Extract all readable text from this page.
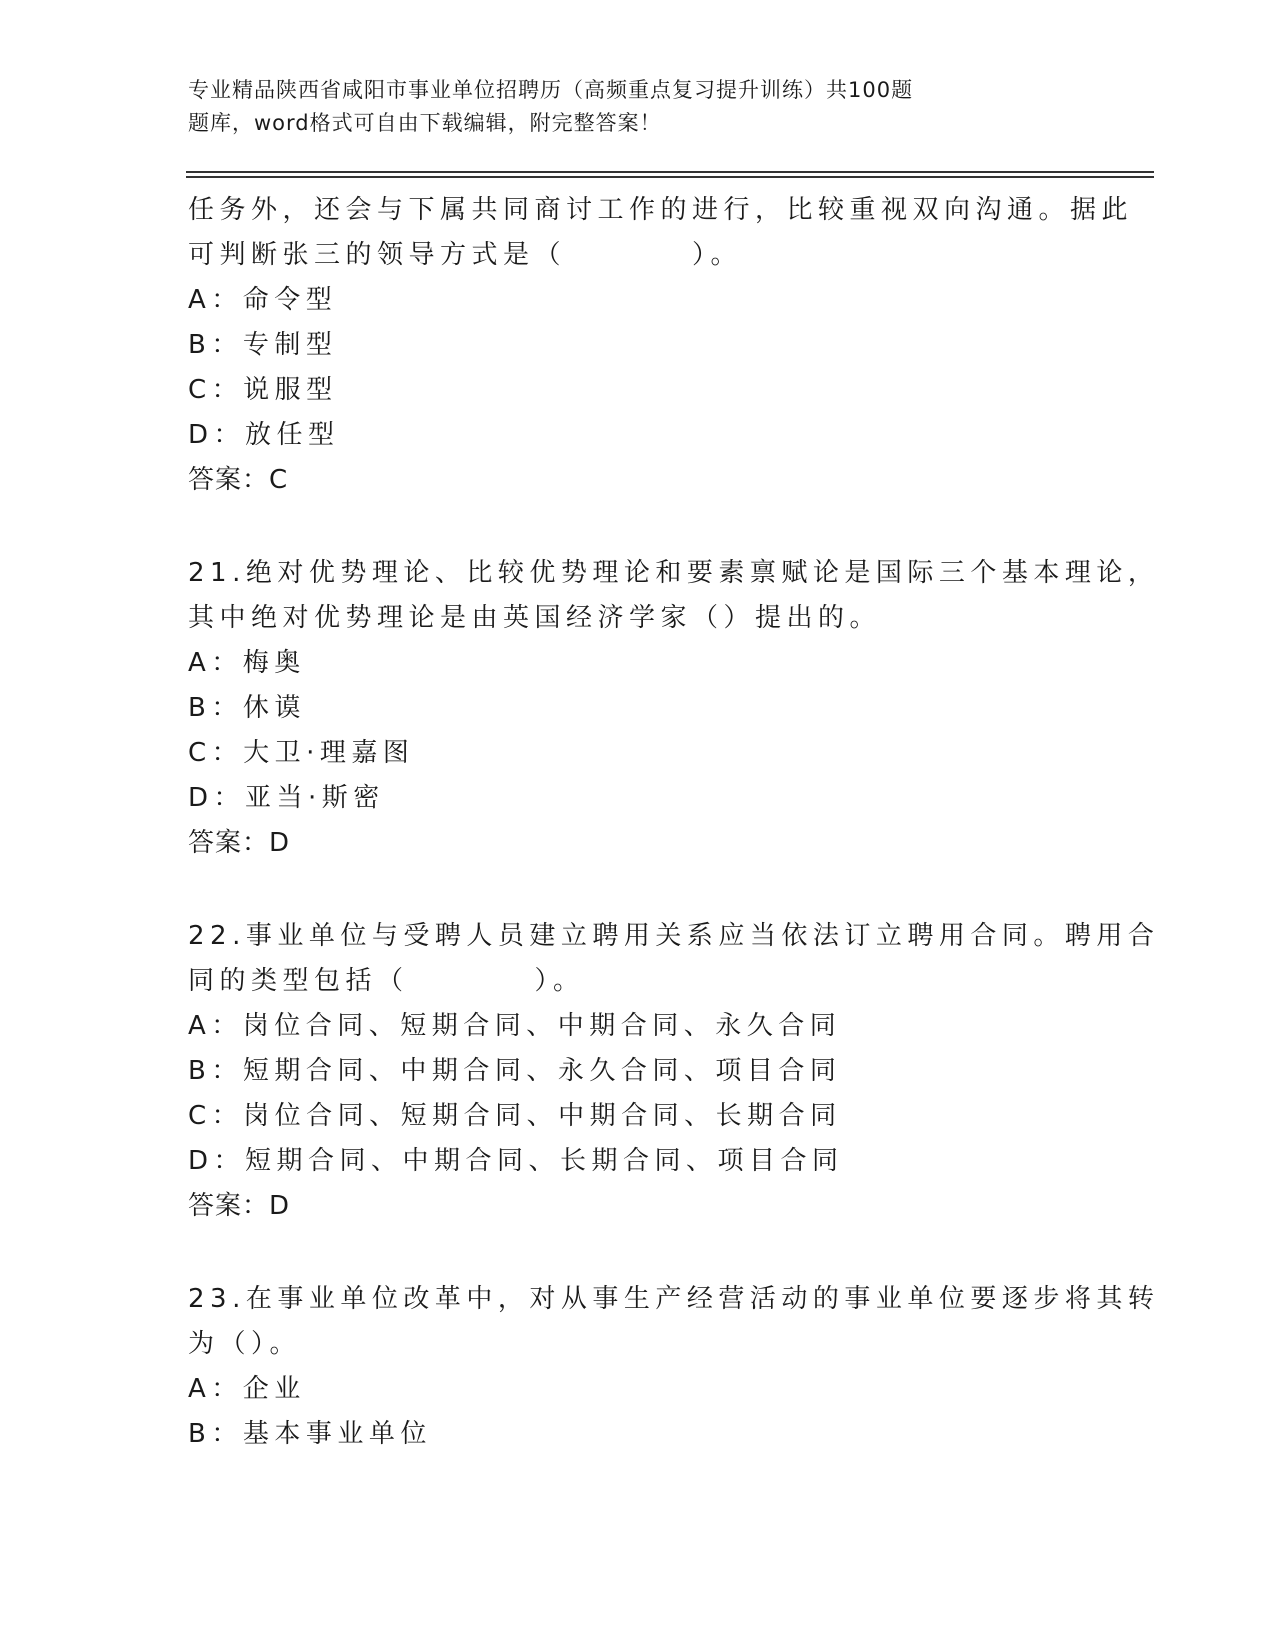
专业精品陕西省咸阳市事业单位招聘历（高频重点复习提升训练）共100题
题库，word格式可自由下载编辑，附完整答案！
任务外，还会与下属共同商讨工作的进行，比较重视双向沟通。据此
可判断张三的领导方式是（　　　　）。
A：命令型
B：专制型
C：说服型
D：放任型
答案：C
21.绝对优势理论、比较优势理论和要素禀赋论是国际三个基本理论，
其中绝对优势理论是由英国经济学家（）提出的。
A：梅奥
B：休谟
C：大卫·理嘉图
D：亚当·斯密
答案：D
22.事业单位与受聘人员建立聘用关系应当依法订立聘用合同。聘用合
同的类型包括（　　　　）。
A：岗位合同、短期合同、中期合同、永久合同
B：短期合同、中期合同、永久合同、项目合同
C：岗位合同、短期合同、中期合同、长期合同
D：短期合同、中期合同、长期合同、项目合同
答案：D
23.在事业单位改革中，对从事生产经营活动的事业单位要逐步将其转
为（）。
A：企业
B：基本事业单位
